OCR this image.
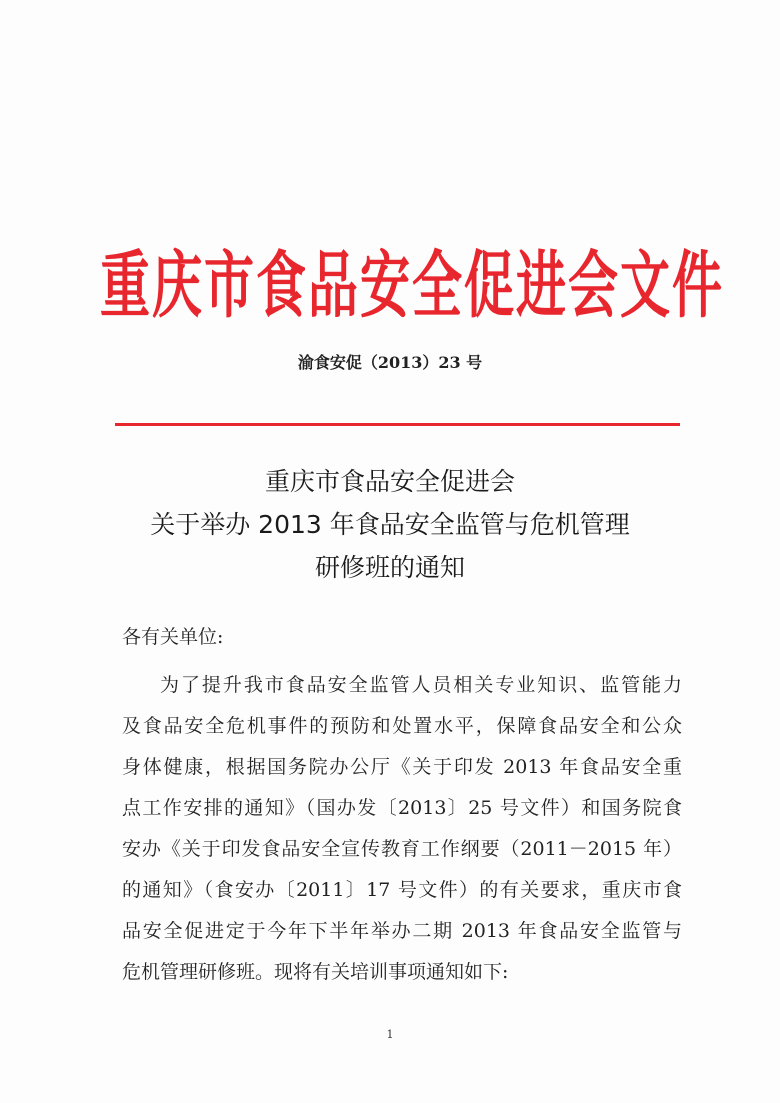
重庆市食品安全促进会文件
渝食安促（2013）23 号
重庆市食品安全促进会
关于举办 2013 年食品安全监管与危机管理
研修班的通知
各有关单位:
为了提升我市食品安全监管人员相关专业知识、监管能力
及食品安全危机事件的预防和处置水平，保障食品安全和公众
身体健康，根据国务院办公厅《关于印发 2013 年食品安全重
点工作安排的通知》（国办发〔2013〕25 号文件）和国务院食
安办《关于印发食品安全宣传教育工作纲要（2011－2015 年）
的通知》（食安办〔2011〕17 号文件）的有关要求，重庆市食
品安全促进定于今年下半年举办二期 2013 年食品安全监管与
危机管理研修班。现将有关培训事项通知如下:
1
